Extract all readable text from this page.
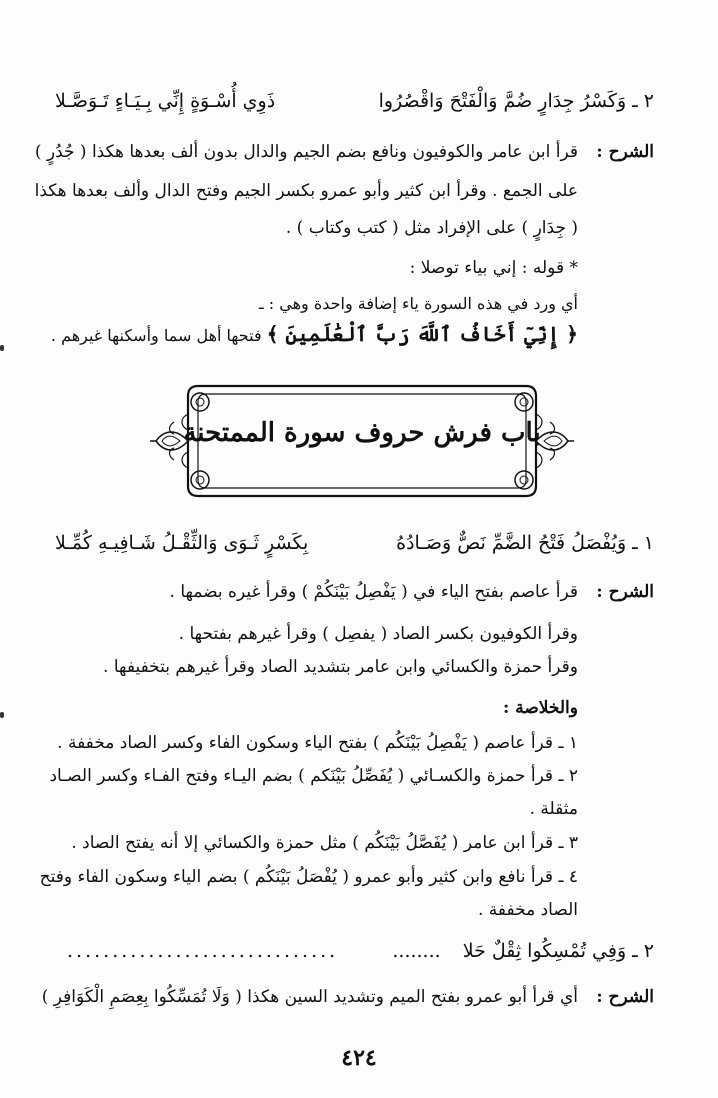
٢ ـ وَكَسْرُ جِدَارٍ ضُمَّ وَالْفَتْحَ وَاقْصُرُوا
ذَوِي أُسْـوَةٍ إِنِّي بِـيَـاءٍ تَـوَصَّـلا
الشرح :
قرأ ابن عامر والكوفيون ونافع بضم الجيم والدال بدون ألف بعدها هكذا ( جُدُرٍ )
على الجمع . وقرأ ابن كثير وأبو عمرو بكسر الجيم وفتح الدال وألف بعدها هكذا
( جِدَارٍ ) على الإفراد مثل ( كتب وكتاب ) .
* قوله : إني بياء توصلا :
أي ورد في هذه السورة ياء إضافة واحدة وهي : ـ
﴿ إِنِّيٓ أَخَافُ ٱللَّهَ رَبَّ ٱلْعَٰلَمِينَ ﴾ فتحها أهل سما وأسكنها غيرهم .
باب فرش حروف سورة الممتحنة
١ ـ وَيُفْصَلُ فَتْحُ الضَّمِّ نَصٌّ وَصَـادُهُ
بِكَسْرٍ ثَـوَى وَالثِّقْـلُ شَـافِيـهِ كُمِّـلا
الشرح :
قرأ عاصم بفتح الياء في ( يَفْصِلُ بَيْنَكُمْ ) وقرأ غيره بضمها .
وقرأ الكوفيون بكسر الصاد ( يفصِل ) وقرأ غيرهم بفتحها .
وقرأ حمزة والكسائي وابن عامر بتشديد الصاد وقرأ غيرهم بتخفيفها .
والخلاصة :
١ ـ قرأ عاصم ( يَفْصِلُ بَيْنَكُم ) بفتح الياء وسكون الفاء وكسر الصاد مخففة .
٢ ـ قرأ حمزة والكسـائي ( يُفَصِّلُ بَيْنَكم ) بضم اليـاء وفتح الفـاء وكسر الصـاد
مثقلة .
٣ ـ قرأ ابن عامر ( يُفَصَّلُ بَيْنَكُم ) مثل حمزة والكسائي إلا أنه يفتح الصاد .
٤ ـ قرأ نافع وابن كثير وأبو عمرو ( يُفْصَلُ بَيْنَكُم ) بضم الياء وسكون الفاء وفتح
الصاد مخففة .
٢ ـ وَفِي تُمْسِكُوا ثِقْلٌ حَلا ........
..............................
الشرح :
أي قرأ أبو عمرو بفتح الميم وتشديد السين هكذا ( وَلَا تُمَسِّكُوا بِعِصَمِ الْكَوَافِرِ )
٤٢٤
